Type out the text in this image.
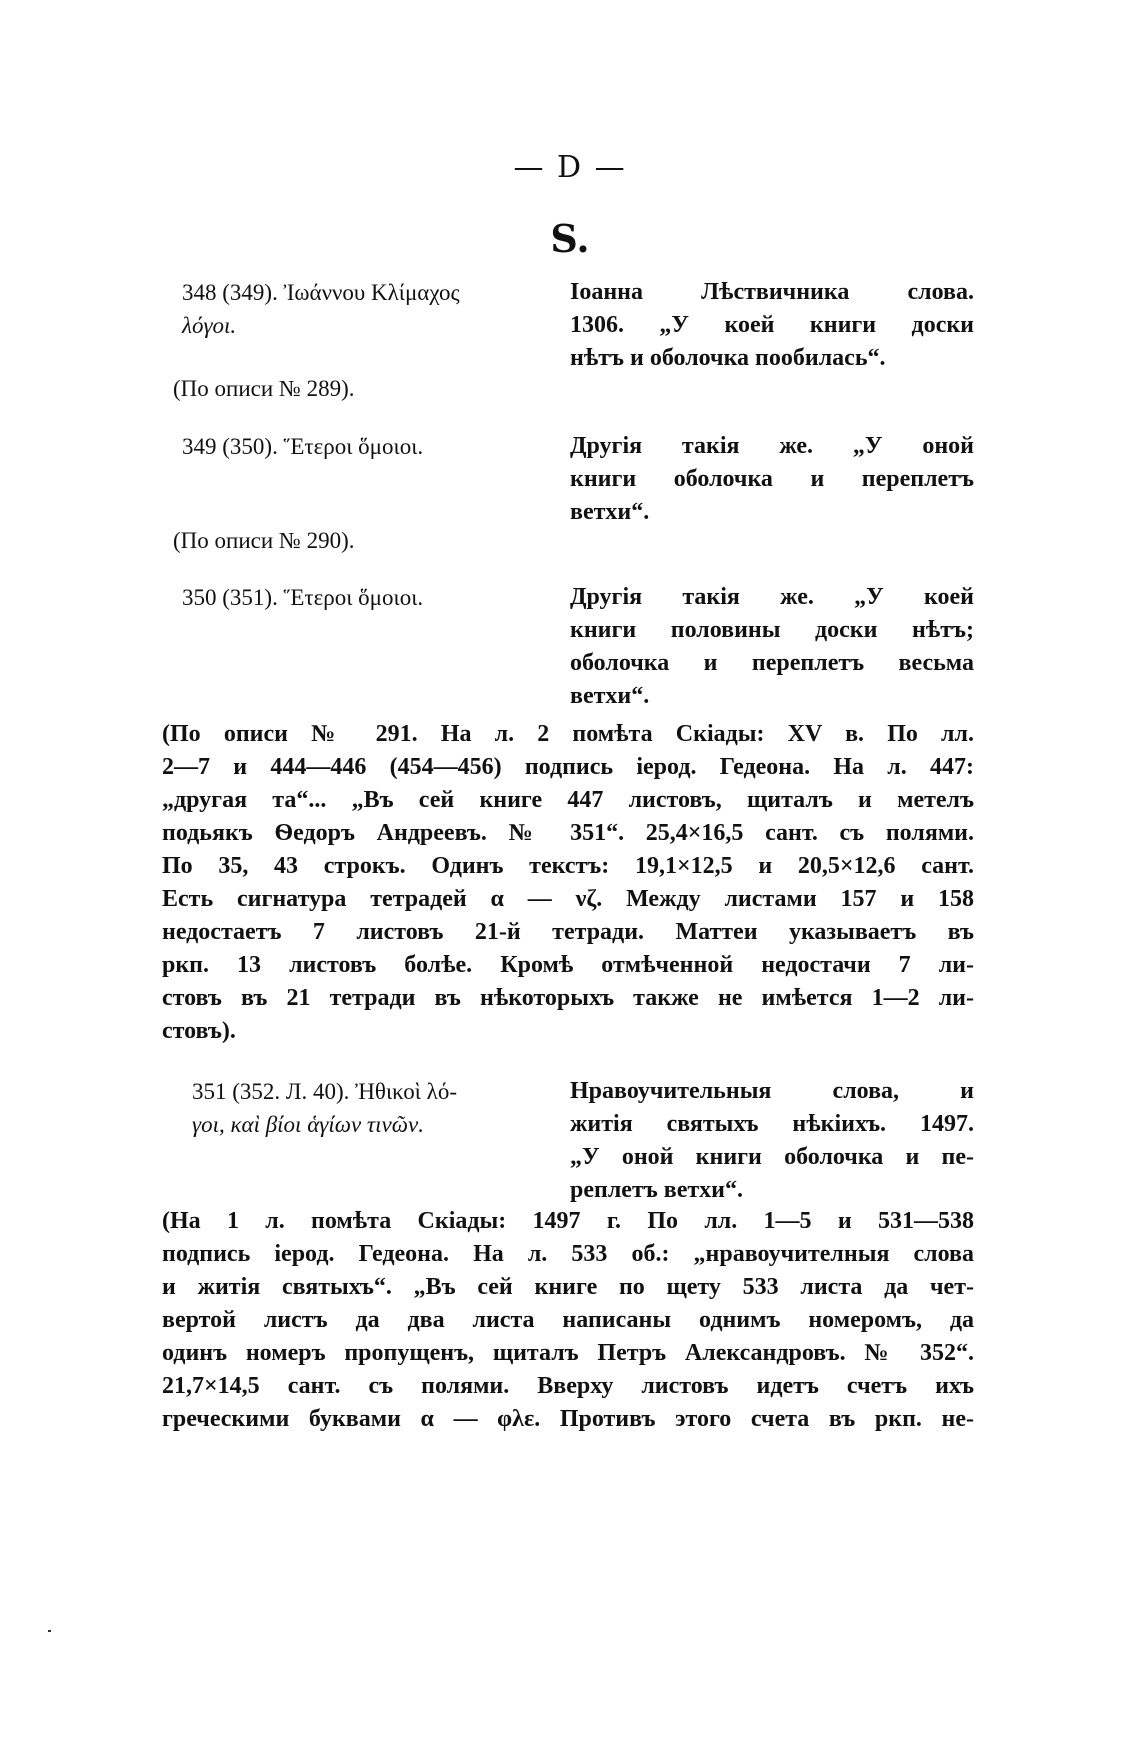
— D —
S.
348 (349). Ἰωάννου Κλίμαχος
λόγοι.
(По описи № 289).
Іоанна Лѣствичника слова.
1306. „У коей книги доски
нѣтъ и оболочка пообилась“.
349 (350). Ἕτεροι ὅμοιοι.
(По описи № 290).
Другія такія же. „У оной
книги оболочка и переплетъ
ветхи“.
350 (351). Ἕτεροι ὅμοιοι.	Другія такія же. „У коей
книги половины доски нѣтъ;
оболочка и переплетъ весьма
ветхи“.
(По описи № 291. На л. 2 помѣта Скіады: XV в. По лл.
2—7 и 444—446 (454—456) подпись іерод. Гедеона. На л. 447:
„другая та“... „Въ сей книге 447 листовъ, щиталъ и метелъ
подьякъ Ѳедоръ Андреевъ. № 351“. 25,4×16,5 сант. съ полями.
По 35, 43 строкъ. Одинъ текстъ: 19,1×12,5 и 20,5×12,6 сант.
Есть сигнатура тетрадей α — νζ. Между листами 157 и 158
недостаетъ 7 листовъ 21-й тетради. Маттеи указываетъ въ
ркп. 13 листовъ болѣе. Кромѣ отмѣченной недостачи 7 ли-
стовъ въ 21 тетради въ нѣкоторыхъ также не имѣется 1—2 ли-
стовъ).
351 (352. Л. 40). Ἠθικοὶ λό-
γοι, καὶ βίοι ἁγίων τινῶν.
Нравоучительныя слова, и
житія святыхъ нѣкіихъ. 1497.
„У оной книги оболочка и пе-
реплетъ ветхи“.
(На 1 л. помѣта Скіады: 1497 г. По лл. 1—5 и 531—538
подпись іерод. Гедеона. На л. 533 об.: „нравоучителныя слова
и житія святыхъ“. „Въ сей книге по щету 533 листа да чет-
вертой листъ да два листа написаны однимъ номеромъ, да
одинъ номеръ пропущенъ, щиталъ Петръ Александровъ. № 352“.
21,7×14,5 сант. съ полями. Вверху листовъ идетъ счетъ ихъ
греческими буквами α — φλε. Противъ этого счета въ ркп. не-
